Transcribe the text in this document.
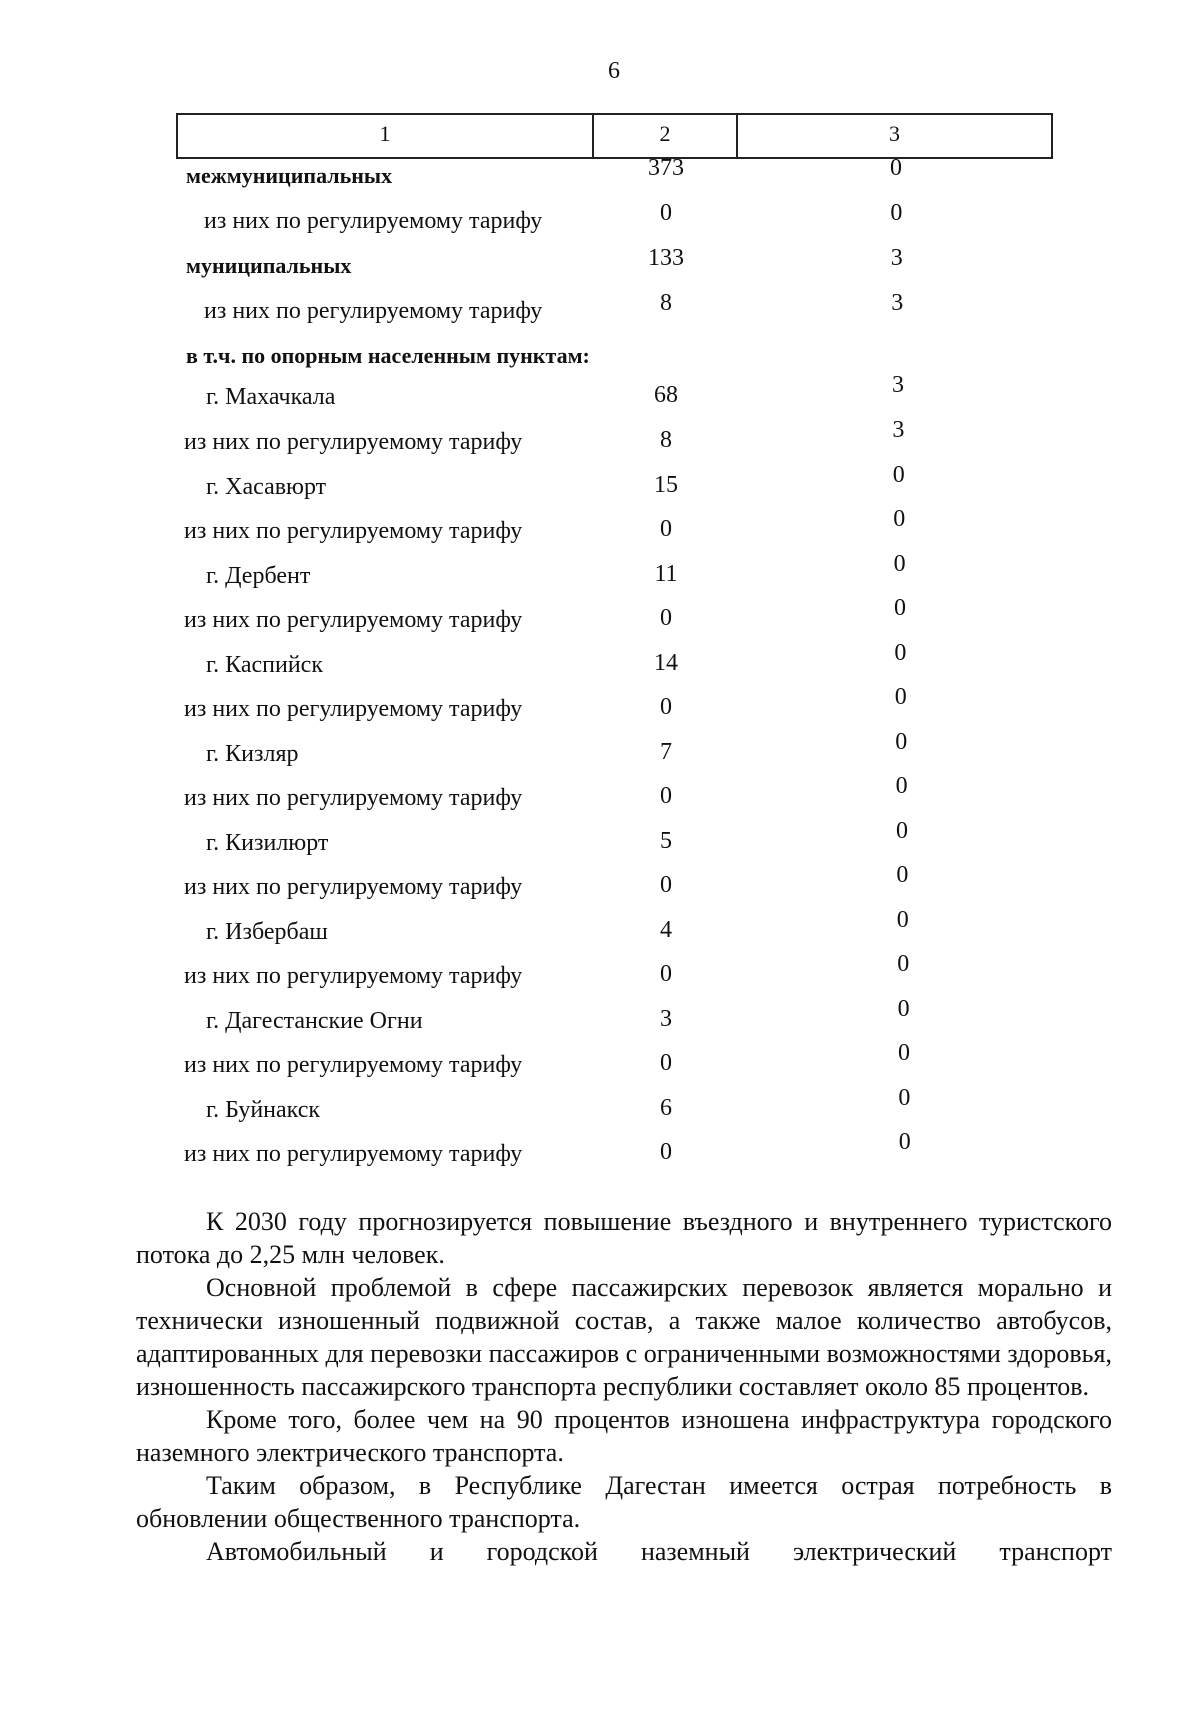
6
1	2	3
межмуниципальных	373	0
из них по регулируемому тарифу	0	0
муниципальных	133	3
из них по регулируемому тарифу	8	3
в т.ч. по опорным населенным пунктам:
г. Махачкала	68	3
из них по регулируемому тарифу	8	3
г. Хасавюрт	15	0
из них по регулируемому тарифу	0	0
г. Дербент	11	0
из них по регулируемому тарифу	0	0
г. Каспийск	14	0
из них по регулируемому тарифу	0	0
г. Кизляр	7	0
из них по регулируемому тарифу	0	0
г. Кизилюрт	5	0
из них по регулируемому тарифу	0	0
г. Избербаш	4	0
из них по регулируемому тарифу	0	0
г. Дагестанские Огни	3	0
из них по регулируемому тарифу	0	0
г. Буйнакск	6	0
из них по регулируемому тарифу	0	0

К 2030 году прогнозируется повышение въездного и внутреннего туристского потока до 2,25 млн человек.

Основной проблемой в сфере пассажирских перевозок является морально и технически изношенный подвижной состав, а также малое количество автобусов, адаптированных для перевозки пассажиров с ограниченными возможностями здоровья, изношенность пассажирского транспорта республики составляет около 85 процентов.

Кроме того, более чем на 90 процентов изношена инфраструктура городского наземного электрического транспорта.

Таким образом, в Республике Дагестан имеется острая потребность в обновлении общественного транспорта.

Автомобильный и городской наземный электрический транспорт
